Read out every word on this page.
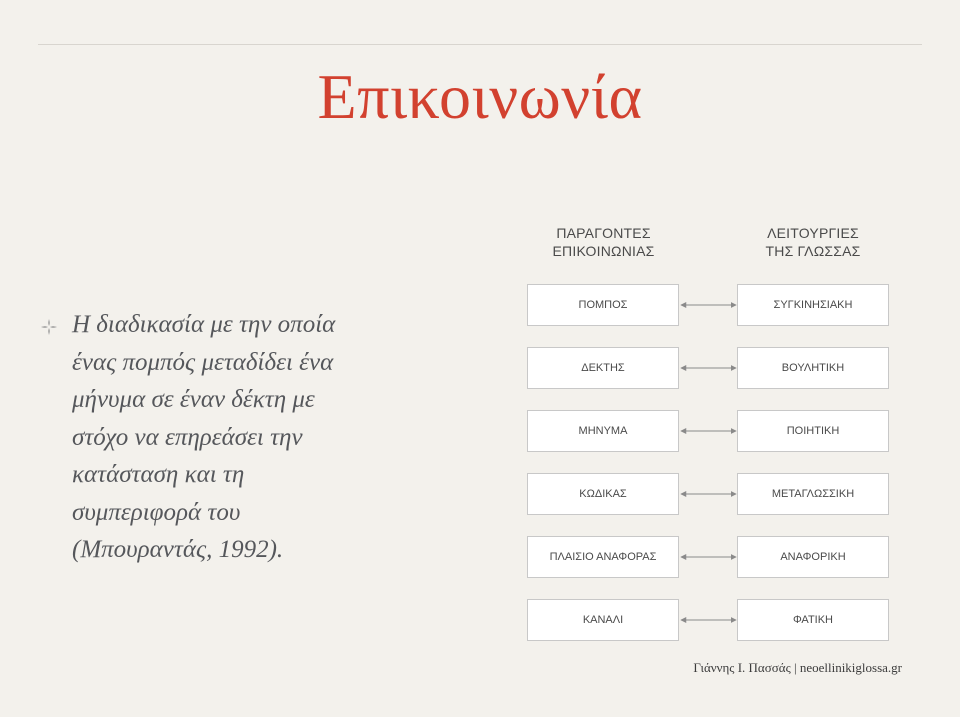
Επικοινωνία
Η διαδικασία με την οποία
ένας πομπός μεταδίδει ένα
μήνυμα σε έναν δέκτη με
στόχο να επηρεάσει την
κατάσταση και τη
συμπεριφορά του
(Μπουραντάς, 1992).
ΠΑΡΑΓΟΝΤΕΣ
ΕΠΙΚΟΙΝΩΝΙΑΣ
ΛΕΙΤΟΥΡΓΙΕΣ
ΤΗΣ ΓΛΩΣΣΑΣ
ΠΟΜΠΟΣ	ΣΥΓΚΙΝΗΣΙΑΚΗ
ΔΕΚΤΗΣ	ΒΟΥΛΗΤΙΚΗ
ΜΗΝΥΜΑ	ΠΟΙΗΤΙΚΗ
ΚΩΔΙΚΑΣ	ΜΕΤΑΓΛΩΣΣΙΚΗ
ΠΛΑΙΣΙΟ ΑΝΑΦΟΡΑΣ	ΑΝΑΦΟΡΙΚΗ
ΚΑΝΑΛΙ	ΦΑΤΙΚΗ
Γιάννης Ι. Πασσάς | neoellinikiglossa.gr
